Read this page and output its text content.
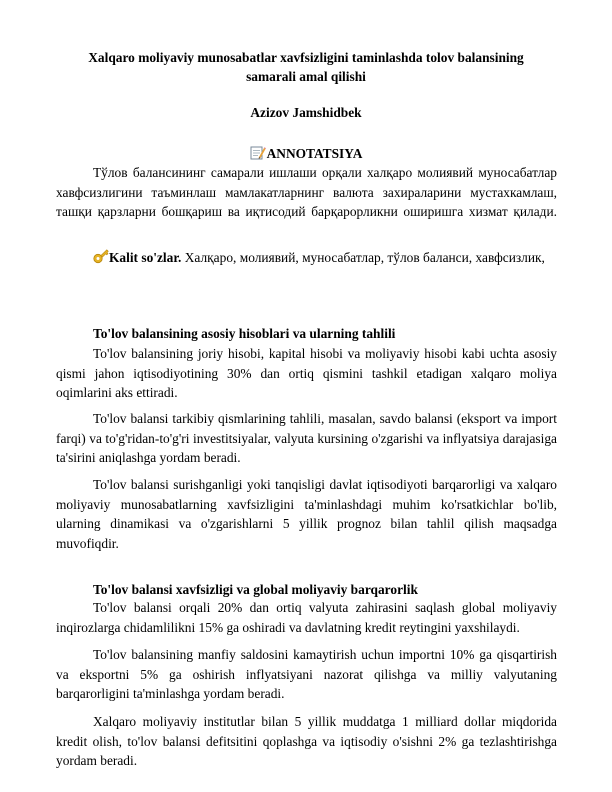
Xalqaro moliyaviy munosabatlar xavfsizligini taminlashda tolov balansining samarali amal qilishi
Azizov Jamshidbek
ANNOTATSIYA

Тўлов балансининг самарали ишлаши орқали халқаро молиявий муносабатлар хавфсизлигини таъминлаш мамлакатларнинг валюта захираларини мустахкамлаш, ташқи қарзларни бошқариш ва иқтисодий барқарорликни оширишга хизмат қилади.

Kalit so'zlar. Халқаро, молиявий, муносабатлар, тўлов баланси, хавфсизлик,

To'lov balansining asosiy hisoblari va ularning tahlili

To'lov balansining joriy hisobi, kapital hisobi va moliyaviy hisobi kabi uchta asosiy qismi jahon iqtisodiyotining 30% dan ortiq qismini tashkil etadigan xalqaro moliya oqimlarini aks ettiradi.

To'lov balansi tarkibiy qismlarining tahlili, masalan, savdo balansi (eksport va import farqi) va to'g'ridan-to'g'ri investitsiyalar, valyuta kursining o'zgarishi va inflyatsiya darajasiga ta'sirini aniqlashga yordam beradi.

To'lov balansi surishganligi yoki tanqisligi davlat iqtisodiyoti barqarorligi va xalqaro moliyaviy munosabatlarning xavfsizligini ta'minlashdagi muhim ko'rsatkichlar bo'lib, ularning dinamikasi va o'zgarishlarni 5 yillik prognoz bilan tahlil qilish maqsadga muvofiqdir.

To'lov balansi xavfsizligi va global moliyaviy barqarorlik

To'lov balansi orqali 20% dan ortiq valyuta zahirasini saqlash global moliyaviy inqirozlarga chidamlilikni 15% ga oshiradi va davlatning kredit reytingini yaxshilaydi.

To'lov balansining manfiy saldosini kamaytirish uchun importni 10% ga qisqartirish va eksportni 5% ga oshirish inflyatsiyani nazorat qilishga va milliy valyutaning barqarorligini ta'minlashga yordam beradi.

Xalqaro moliyaviy institutlar bilan 5 yillik muddatga 1 milliard dollar miqdorida kredit olish, to'lov balansi defitsitini qoplashga va iqtisodiy o'sishni 2% ga tezlashtirishga yordam beradi.
